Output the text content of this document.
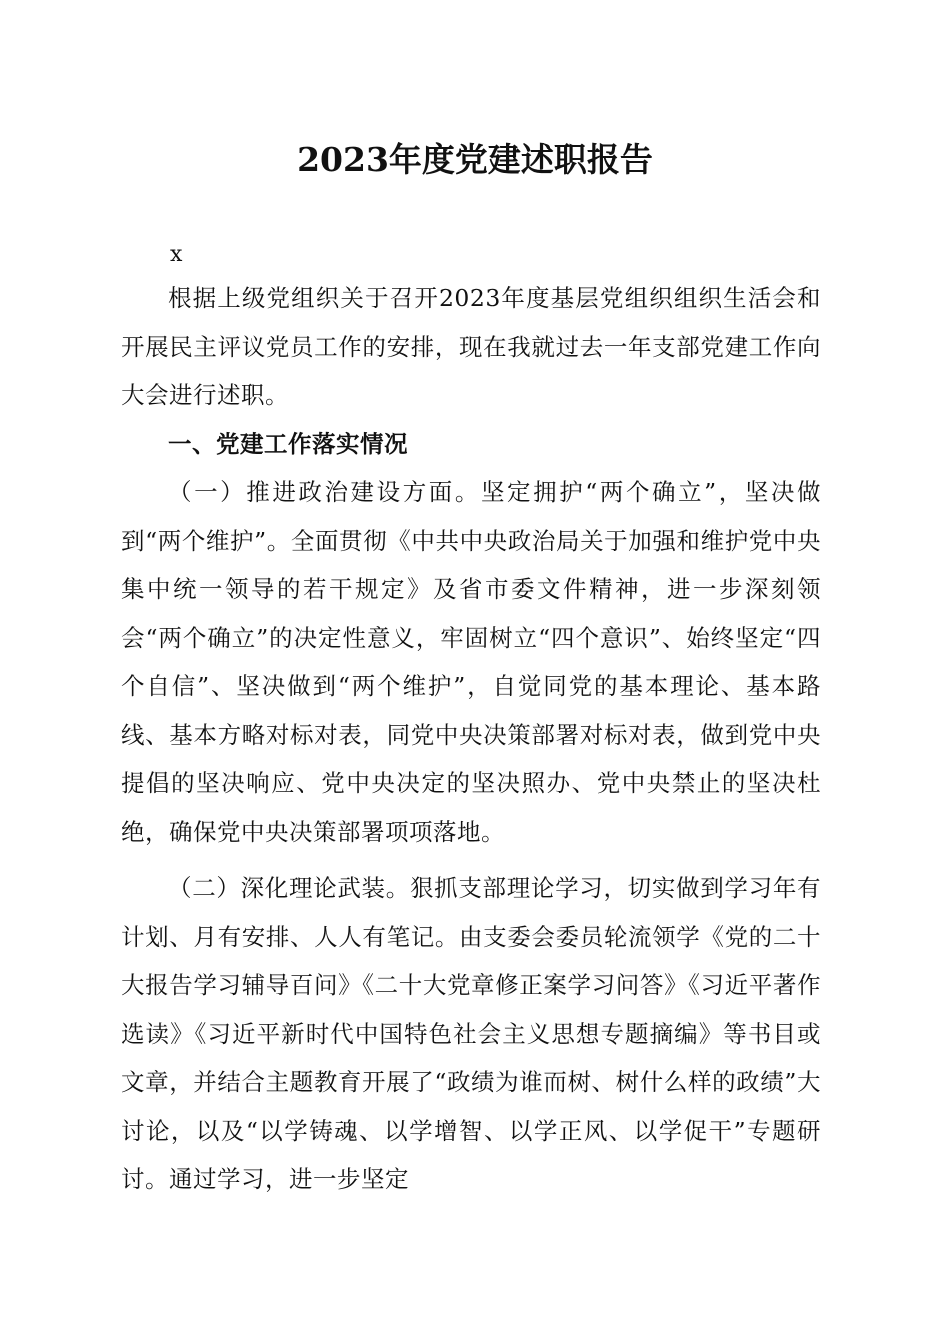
2023年度党建述职报告
x

根据上级党组织关于召开2023年度基层党组织组织生活会和开展民主评议党员工作的安排，现在我就过去一年支部党建工作向大会进行述职。

一、党建工作落实情况

（一）推进政治建设方面。坚定拥护“两个确立”，坚决做到“两个维护”。全面贯彻《中共中央政治局关于加强和维护党中央集中统一领导的若干规定》及省市委文件精神，进一步深刻领会“两个确立”的决定性意义，牢固树立“四个意识”、始终坚定“四个自信”、坚决做到“两个维护”，自觉同党的基本理论、基本路线、基本方略对标对表，同党中央决策部署对标对表，做到党中央提倡的坚决响应、党中央决定的坚决照办、党中央禁止的坚决杜绝，确保党中央决策部署项项落地。

（二）深化理论武装。狠抓支部理论学习，切实做到学习年有计划、月有安排、人人有笔记。由支委会委员轮流领学《党的二十大报告学习辅导百问》《二十大党章修正案学习问答》《习近平著作选读》《习近平新时代中国特色社会主义思想专题摘编》等书目或文章，并结合主题教育开展了“政绩为谁而树、树什么样的政绩”大讨论，以及“以学铸魂、以学增智、以学正风、以学促干”专题研讨。通过学习，进一步坚定
